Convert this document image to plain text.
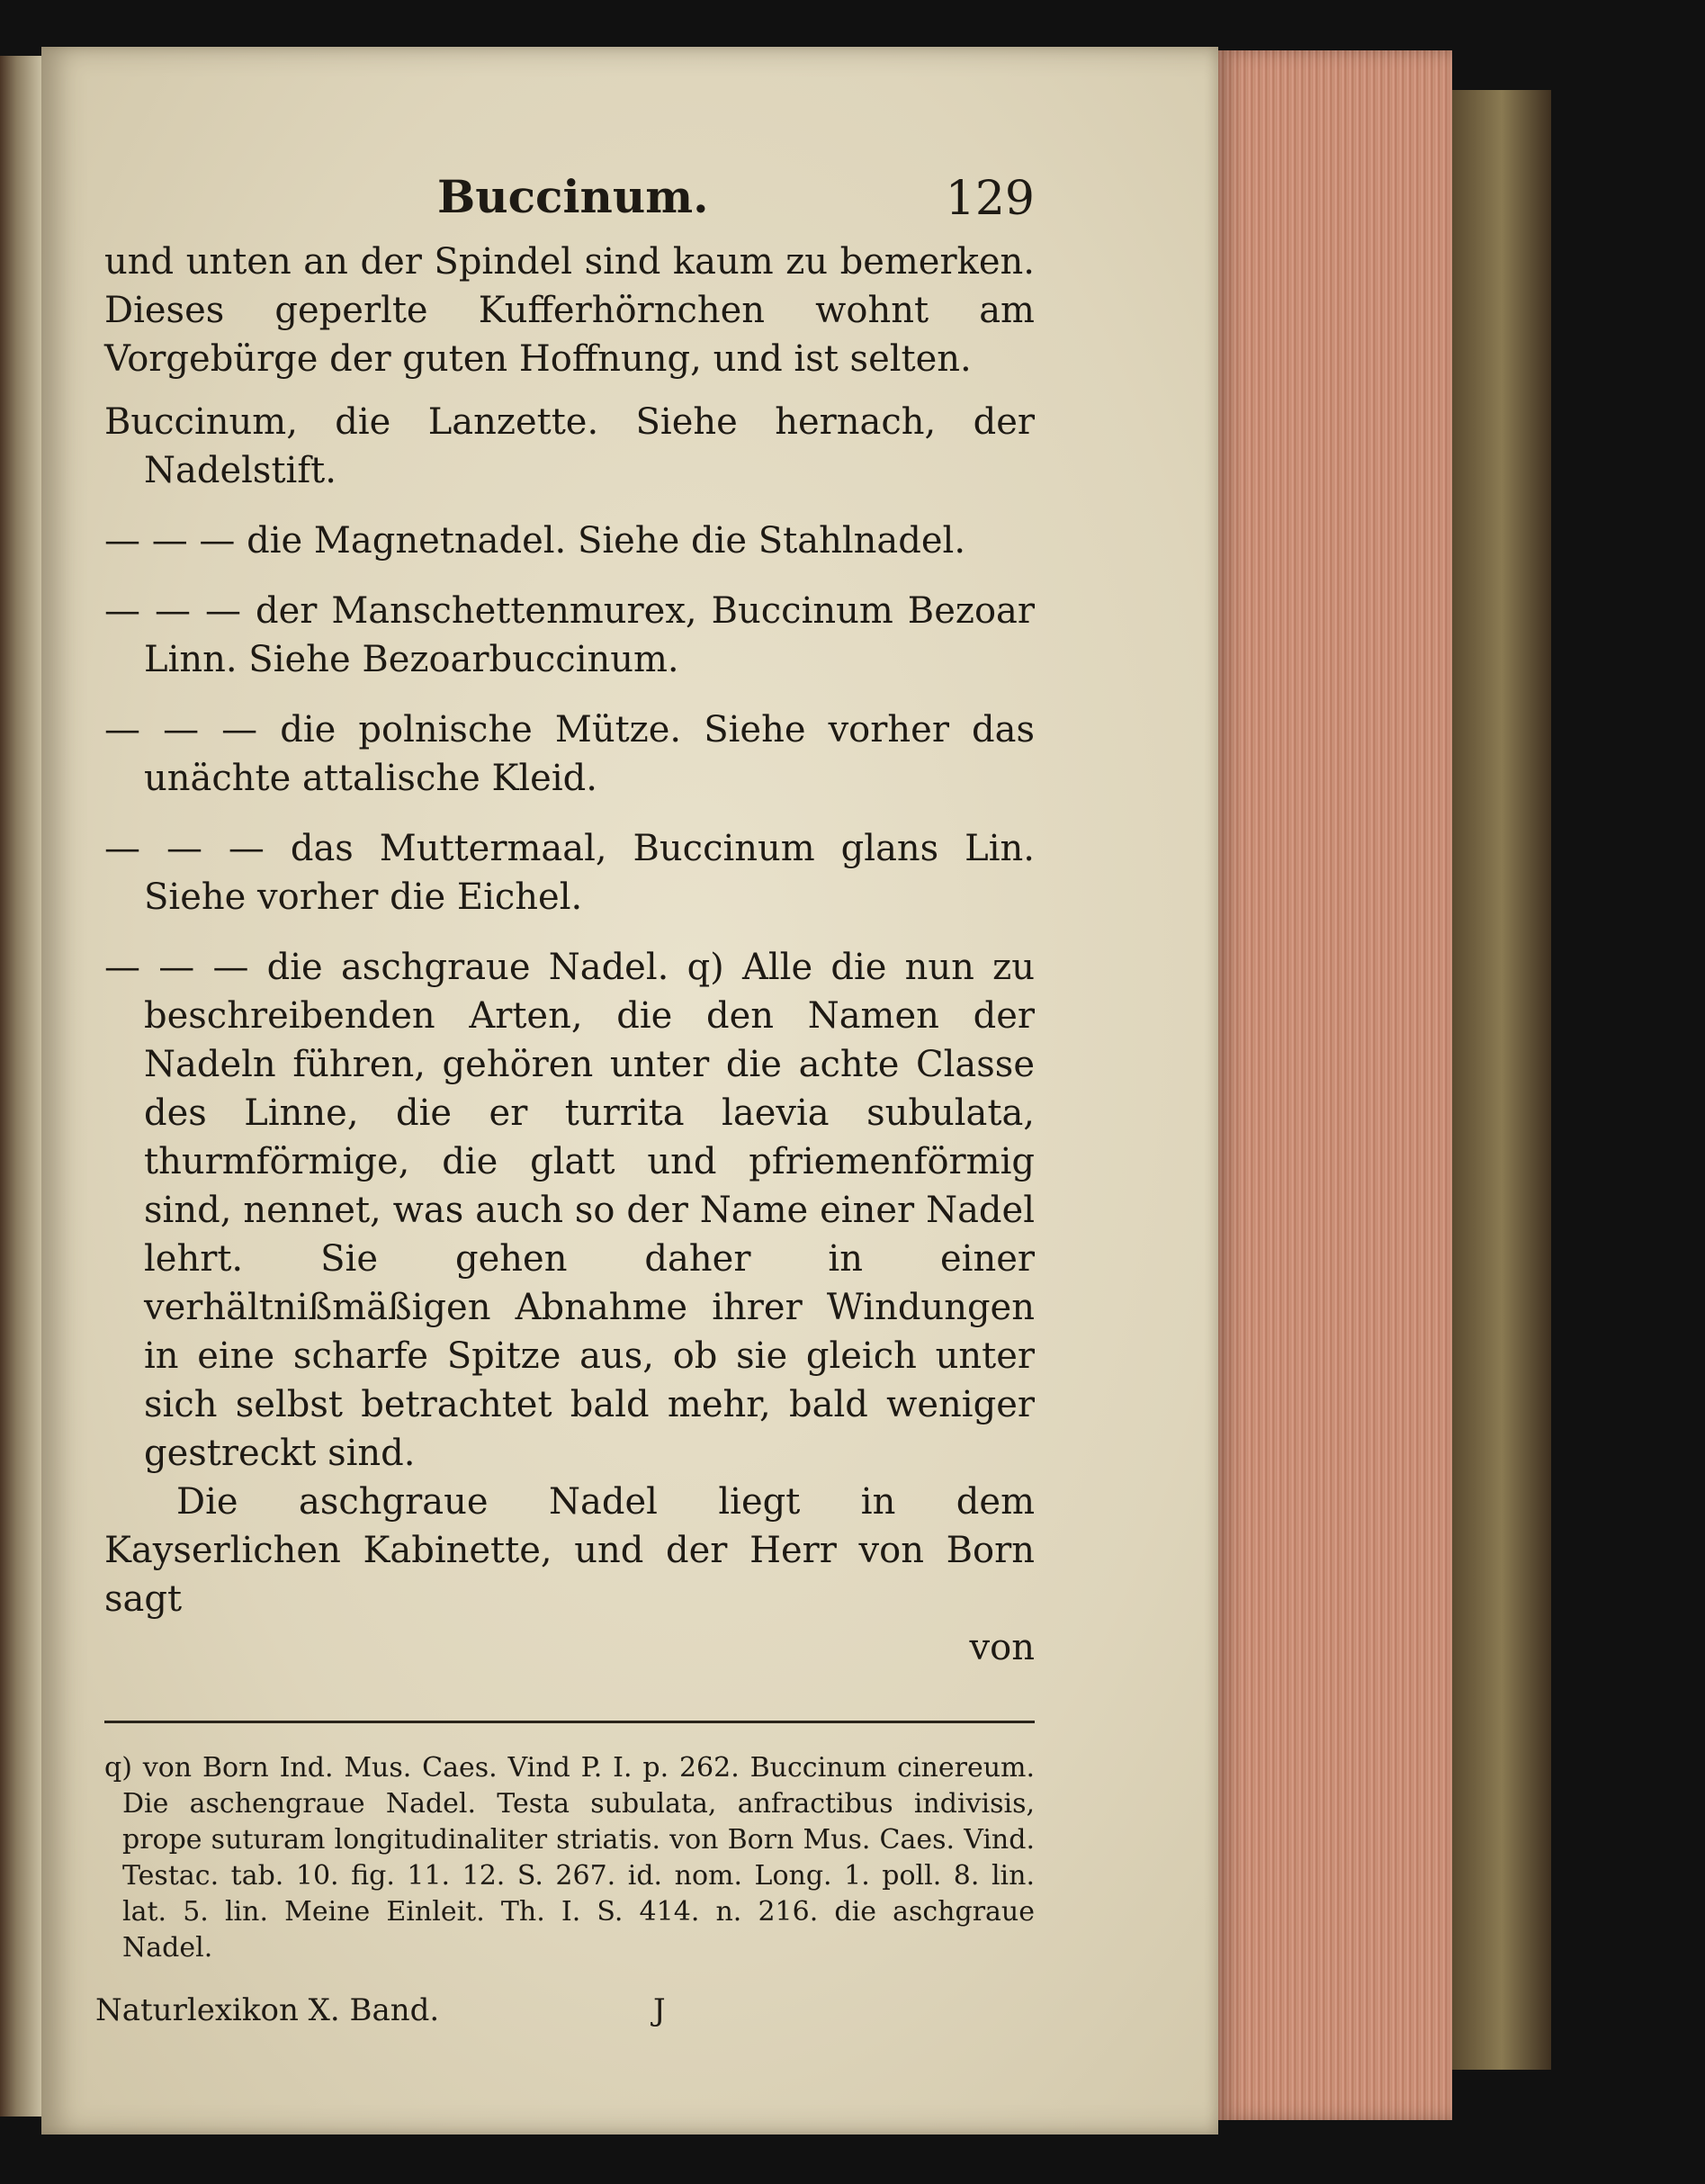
Buccinum.	129

und unten an der Spindel sind kaum zu bemerken. Dieses geperlte Kufferhörnchen wohnt am Vorgebürge der guten Hoffnung, und ist selten.

Buccinum, die Lanzette. Siehe hernach, der Nadelstift.

— — — die Magnetnadel. Siehe die Stahlnadel.

— — — der Manschettenmurex, Buccinum Bezoar Linn. Siehe Bezoarbuccinum.

— — — die polnische Mütze. Siehe vorher das unächte attalische Kleid.

— — — das Muttermaal, Buccinum glans Lin. Siehe vorher die Eichel.

— — — die aschgraue Nadel. q) Alle die nun zu beschreibenden Arten, die den Namen der Nadeln führen, gehören unter die achte Classe des Linne, die er turrita laevia subulata, thurmförmige, die glatt und pfriemenförmig sind, nennet, was auch so der Name einer Nadel lehrt. Sie gehen daher in einer verhältnißmäßigen Abnahme ihrer Windungen in eine scharfe Spitze aus, ob sie gleich unter sich selbst betrachtet bald mehr, bald weniger gestreckt sind.

Die aschgraue Nadel liegt in dem Kayserlichen Kabinette, und der Herr von Born sagt

von

q) von Born Ind. Mus. Caes. Vind P. I. p. 262. Buccinum cinereum. Die aschengraue Nadel. Testa subulata, anfractibus indivisis, prope suturam longitudinaliter striatis. von Born Mus. Caes. Vind. Testac. tab. 10. fig. 11. 12. S. 267. id. nom. Long. 1. poll. 8. lin. lat. 5. lin. Meine Einleit. Th. I. S. 414. n. 216. die aschgraue Nadel.

Naturlexikon X. Band.	J
